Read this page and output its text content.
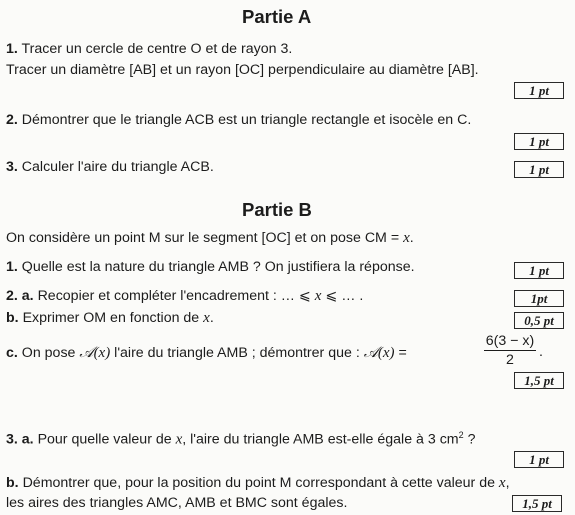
Partie A
1. Tracer un cercle de centre O et de rayon 3.
Tracer un diamètre [AB] et un rayon [OC] perpendiculaire au diamètre [AB].
1 pt
2. Démontrer que le triangle ACB est un triangle rectangle et isocèle en C.
1 pt
3. Calculer l'aire du triangle ACB.	1 pt
Partie B
On considère un point M sur le segment [OC] et on pose CM = x.
1. Quelle est la nature du triangle AMB ? On justifiera la réponse.	1 pt
2. a. Recopier et compléter l'encadrement : … ⩽ x ⩽ … .	1pt
b. Exprimer OM en fonction de x.	0,5 pt
c. On pose 𝒜(x) l'aire du triangle AMB ; démontrer que : 𝒜(x) =
6(3 − x)
2	.
1,5 pt
3. a. Pour quelle valeur de x, l'aire du triangle AMB est-elle égale à 3 $cm^2$ ?
1 pt
b. Démontrer que, pour la position du point M correspondant à cette valeur de x,
les aires des triangles AMC, AMB et BMC sont égales.	1,5 pt
